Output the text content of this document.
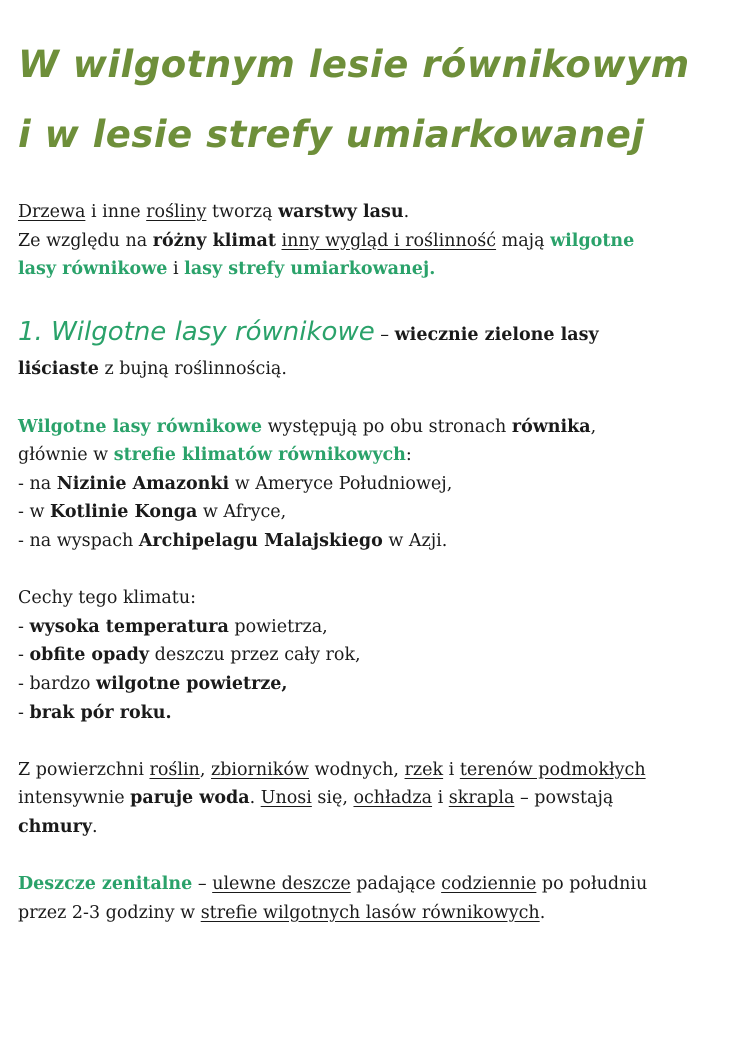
W wilgotnym lesie równikowym
i w lesie strefy umiarkowanej

Drzewa i inne rośliny tworzą warstwy lasu.
Ze względu na różny klimat inny wygląd i roślinność mają wilgotne
lasy równikowe i lasy strefy umiarkowanej.

1. Wilgotne lasy równikowe – wiecznie zielone lasy
liściaste z bujną roślinnością.

Wilgotne lasy równikowe występują po obu stronach równika,
głównie w strefie klimatów równikowych:
- na Nizinie Amazonki w Ameryce Południowej,
- w Kotlinie Konga w Afryce,
- na wyspach Archipelagu Malajskiego w Azji.

Cechy tego klimatu:
- wysoka temperatura powietrza,
- obfite opady deszczu przez cały rok,
- bardzo wilgotne powietrze,
- brak pór roku.

Z powierzchni roślin, zbiorników wodnych, rzek i terenów podmokłych
intensywnie paruje woda. Unosi się, ochładza i skrapla – powstają
chmury.

Deszcze zenitalne – ulewne deszcze padające codziennie po południu
przez 2-3 godziny w strefie wilgotnych lasów równikowych.
